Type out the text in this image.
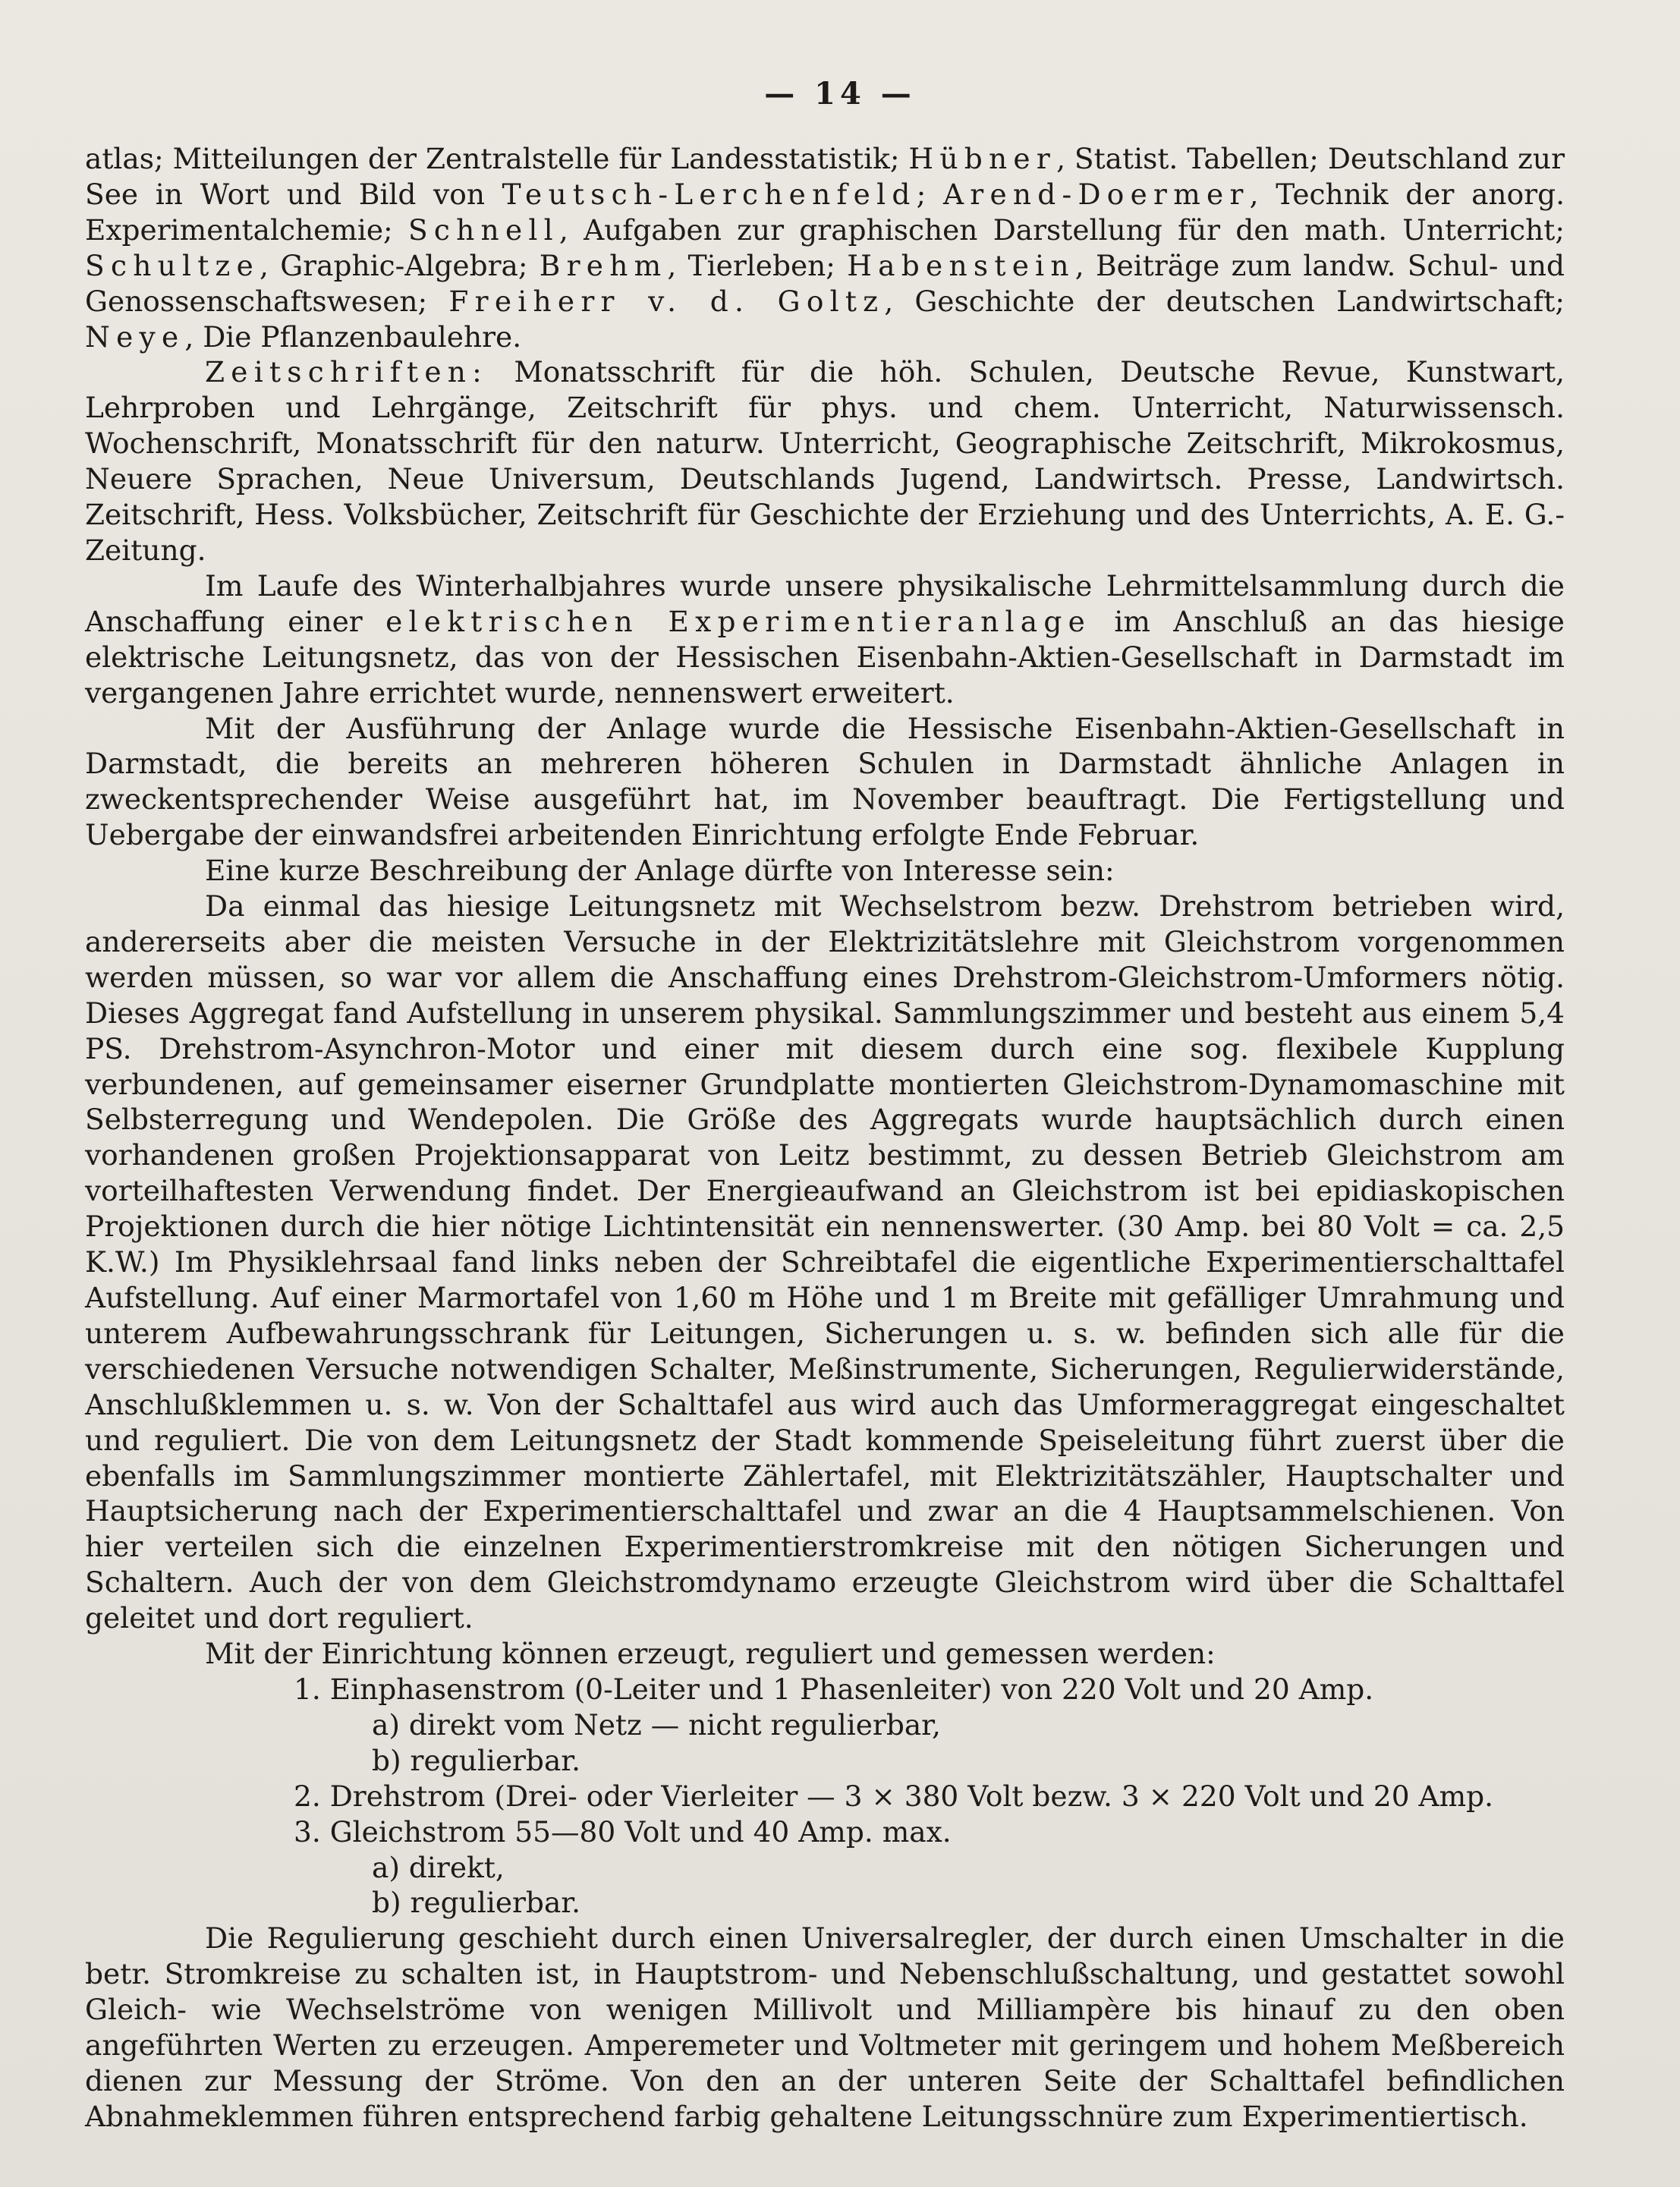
— 14 —

atlas; Mitteilungen der Zentralstelle für Landesstatistik; Hübner, Statist. Tabellen; Deutschland zur See in Wort und Bild von Teutsch-Lerchenfeld; Arend-Doermer, Technik der anorg. Experimentalchemie; Schnell, Aufgaben zur graphischen Darstellung für den math. Unterricht; Schultze, Graphic-Algebra; Brehm, Tierleben; Habenstein, Beiträge zum landw. Schul- und Genossenschaftswesen; Freiherr v. d. Goltz, Geschichte der deutschen Landwirtschaft; Neye, Die Pflanzenbaulehre.

Zeitschriften: Monatsschrift für die höh. Schulen, Deutsche Revue, Kunstwart, Lehrproben und Lehrgänge, Zeitschrift für phys. und chem. Unterricht, Naturwissensch. Wochenschrift, Monatsschrift für den naturw. Unterricht, Geographische Zeitschrift, Mikrokosmus, Neuere Sprachen, Neue Universum, Deutschlands Jugend, Landwirtsch. Presse, Landwirtsch. Zeitschrift, Hess. Volksbücher, Zeitschrift für Geschichte der Erziehung und des Unterrichts, A. E. G.-Zeitung.

Im Laufe des Winterhalbjahres wurde unsere physikalische Lehrmittelsammlung durch die Anschaffung einer elektrischen Experimentieranlage im Anschluß an das hiesige elektrische Leitungsnetz, das von der Hessischen Eisenbahn-Aktien-Gesellschaft in Darmstadt im vergangenen Jahre errichtet wurde, nennenswert erweitert.

Mit der Ausführung der Anlage wurde die Hessische Eisenbahn-Aktien-Gesellschaft in Darmstadt, die bereits an mehreren höheren Schulen in Darmstadt ähnliche Anlagen in zweckentsprechender Weise ausgeführt hat, im November beauftragt. Die Fertigstellung und Uebergabe der einwandsfrei arbeitenden Einrichtung erfolgte Ende Februar.

Eine kurze Beschreibung der Anlage dürfte von Interesse sein:

Da einmal das hiesige Leitungsnetz mit Wechselstrom bezw. Drehstrom betrieben wird, andererseits aber die meisten Versuche in der Elektrizitätslehre mit Gleichstrom vorgenommen werden müssen, so war vor allem die Anschaffung eines Drehstrom-Gleichstrom-Umformers nötig. Dieses Aggregat fand Aufstellung in unserem physikal. Sammlungszimmer und besteht aus einem 5,4 PS. Drehstrom-Asynchron-Motor und einer mit diesem durch eine sog. flexibele Kupplung verbundenen, auf gemeinsamer eiserner Grundplatte montierten Gleichstrom-Dynamomaschine mit Selbsterregung und Wendepolen. Die Größe des Aggregats wurde hauptsächlich durch einen vorhandenen großen Projektionsapparat von Leitz bestimmt, zu dessen Betrieb Gleichstrom am vorteilhaftesten Verwendung findet. Der Energieaufwand an Gleichstrom ist bei epidiaskopischen Projektionen durch die hier nötige Lichtintensität ein nennenswerter. (30 Amp. bei 80 Volt = ca. 2,5 K.W.) Im Physiklehrsaal fand links neben der Schreibtafel die eigentliche Experimentierschalttafel Aufstellung. Auf einer Marmortafel von 1,60 m Höhe und 1 m Breite mit gefälliger Umrahmung und unterem Aufbewahrungsschrank für Leitungen, Sicherungen u. s. w. befinden sich alle für die verschiedenen Versuche notwendigen Schalter, Meßinstrumente, Sicherungen, Regulierwiderstände, Anschlußklemmen u. s. w. Von der Schalttafel aus wird auch das Umformeraggregat eingeschaltet und reguliert. Die von dem Leitungsnetz der Stadt kommende Speiseleitung führt zuerst über die ebenfalls im Sammlungszimmer montierte Zählertafel, mit Elektrizitätszähler, Hauptschalter und Hauptsicherung nach der Experimentierschalttafel und zwar an die 4 Hauptsammelschienen. Von hier verteilen sich die einzelnen Experimentierstromkreise mit den nötigen Sicherungen und Schaltern. Auch der von dem Gleichstromdynamo erzeugte Gleichstrom wird über die Schalttafel geleitet und dort reguliert.

Mit der Einrichtung können erzeugt, reguliert und gemessen werden:

1. Einphasenstrom (0-Leiter und 1 Phasenleiter) von 220 Volt und 20 Amp.

a) direkt vom Netz — nicht regulierbar,

b) regulierbar.

2. Drehstrom (Drei- oder Vierleiter — 3 × 380 Volt bezw. 3 × 220 Volt und 20 Amp.

3. Gleichstrom 55—80 Volt und 40 Amp. max.

a) direkt,

b) regulierbar.

Die Regulierung geschieht durch einen Universalregler, der durch einen Umschalter in die betr. Stromkreise zu schalten ist, in Hauptstrom- und Nebenschlußschaltung, und gestattet sowohl Gleich- wie Wechselströme von wenigen Millivolt und Milliampère bis hinauf zu den oben angeführten Werten zu erzeugen. Amperemeter und Voltmeter mit geringem und hohem Meßbereich dienen zur Messung der Ströme. Von den an der unteren Seite der Schalttafel befindlichen Abnahmeklemmen führen entsprechend farbig gehaltene Leitungsschnüre zum Experimentiertisch.
